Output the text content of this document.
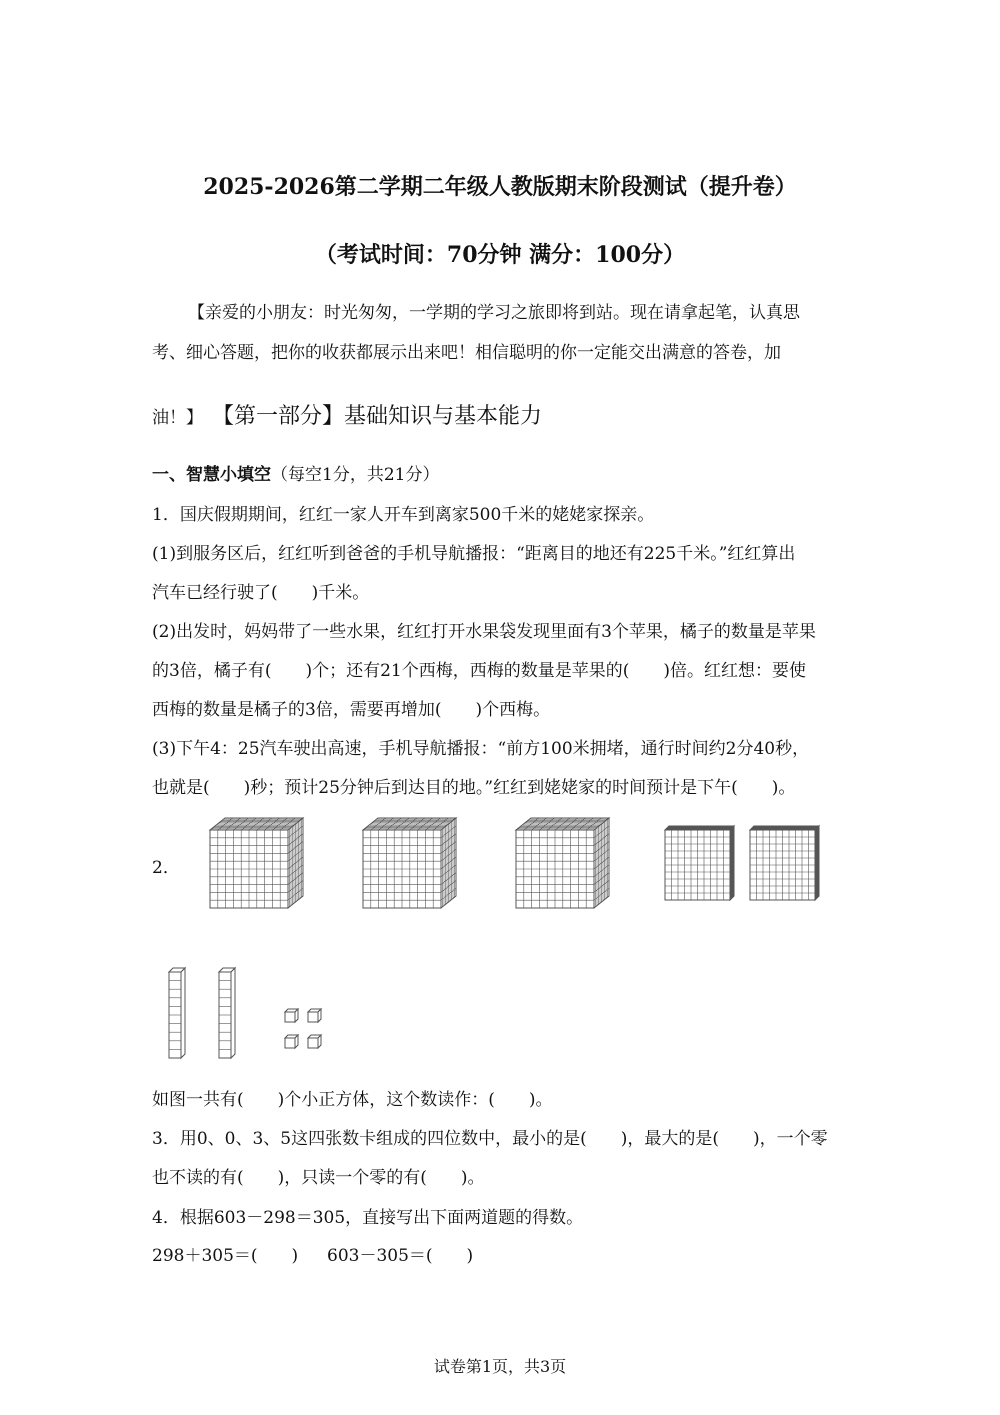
2025-2026第二学期二年级人教版期末阶段测试（提升卷）
（考试时间：70分钟 满分：100分）
【亲爱的小朋友：时光匆匆，一学期的学习之旅即将到站。现在请拿起笔，认真思
考、细心答题，把你的收获都展示出来吧！相信聪明的你一定能交出满意的答卷，加
油！】 【第一部分】基础知识与基本能力
一、智慧小填空（每空1分，共21分）
1．国庆假期期间，红红一家人开车到离家500千米的姥姥家探亲。
(1)到服务区后，红红听到爸爸的手机导航播报：“距离目的地还有225千米。”红红算出
汽车已经行驶了(　　)千米。
(2)出发时，妈妈带了一些水果，红红打开水果袋发现里面有3个苹果，橘子的数量是苹果
的3倍，橘子有(　　)个；还有21个西梅，西梅的数量是苹果的(　　)倍。红红想：要使
西梅的数量是橘子的3倍，需要再增加(　　)个西梅。
(3)下午4：25汽车驶出高速，手机导航播报：“前方100米拥堵，通行时间约2分40秒，
也就是(　　)秒；预计25分钟后到达目的地。”红红到姥姥家的时间预计是下午(　　)。
2．
如图一共有(　　)个小正方体，这个数读作：(　　)。
3．用0、0、3、5这四张数卡组成的四位数中，最小的是(　　)，最大的是(　　)，一个零
也不读的有(　　)，只读一个零的有(　　)。
4．根据603－298＝305，直接写出下面两道题的得数。
298＋305＝(　　) 603－305＝(　　)
试卷第1页，共3页
